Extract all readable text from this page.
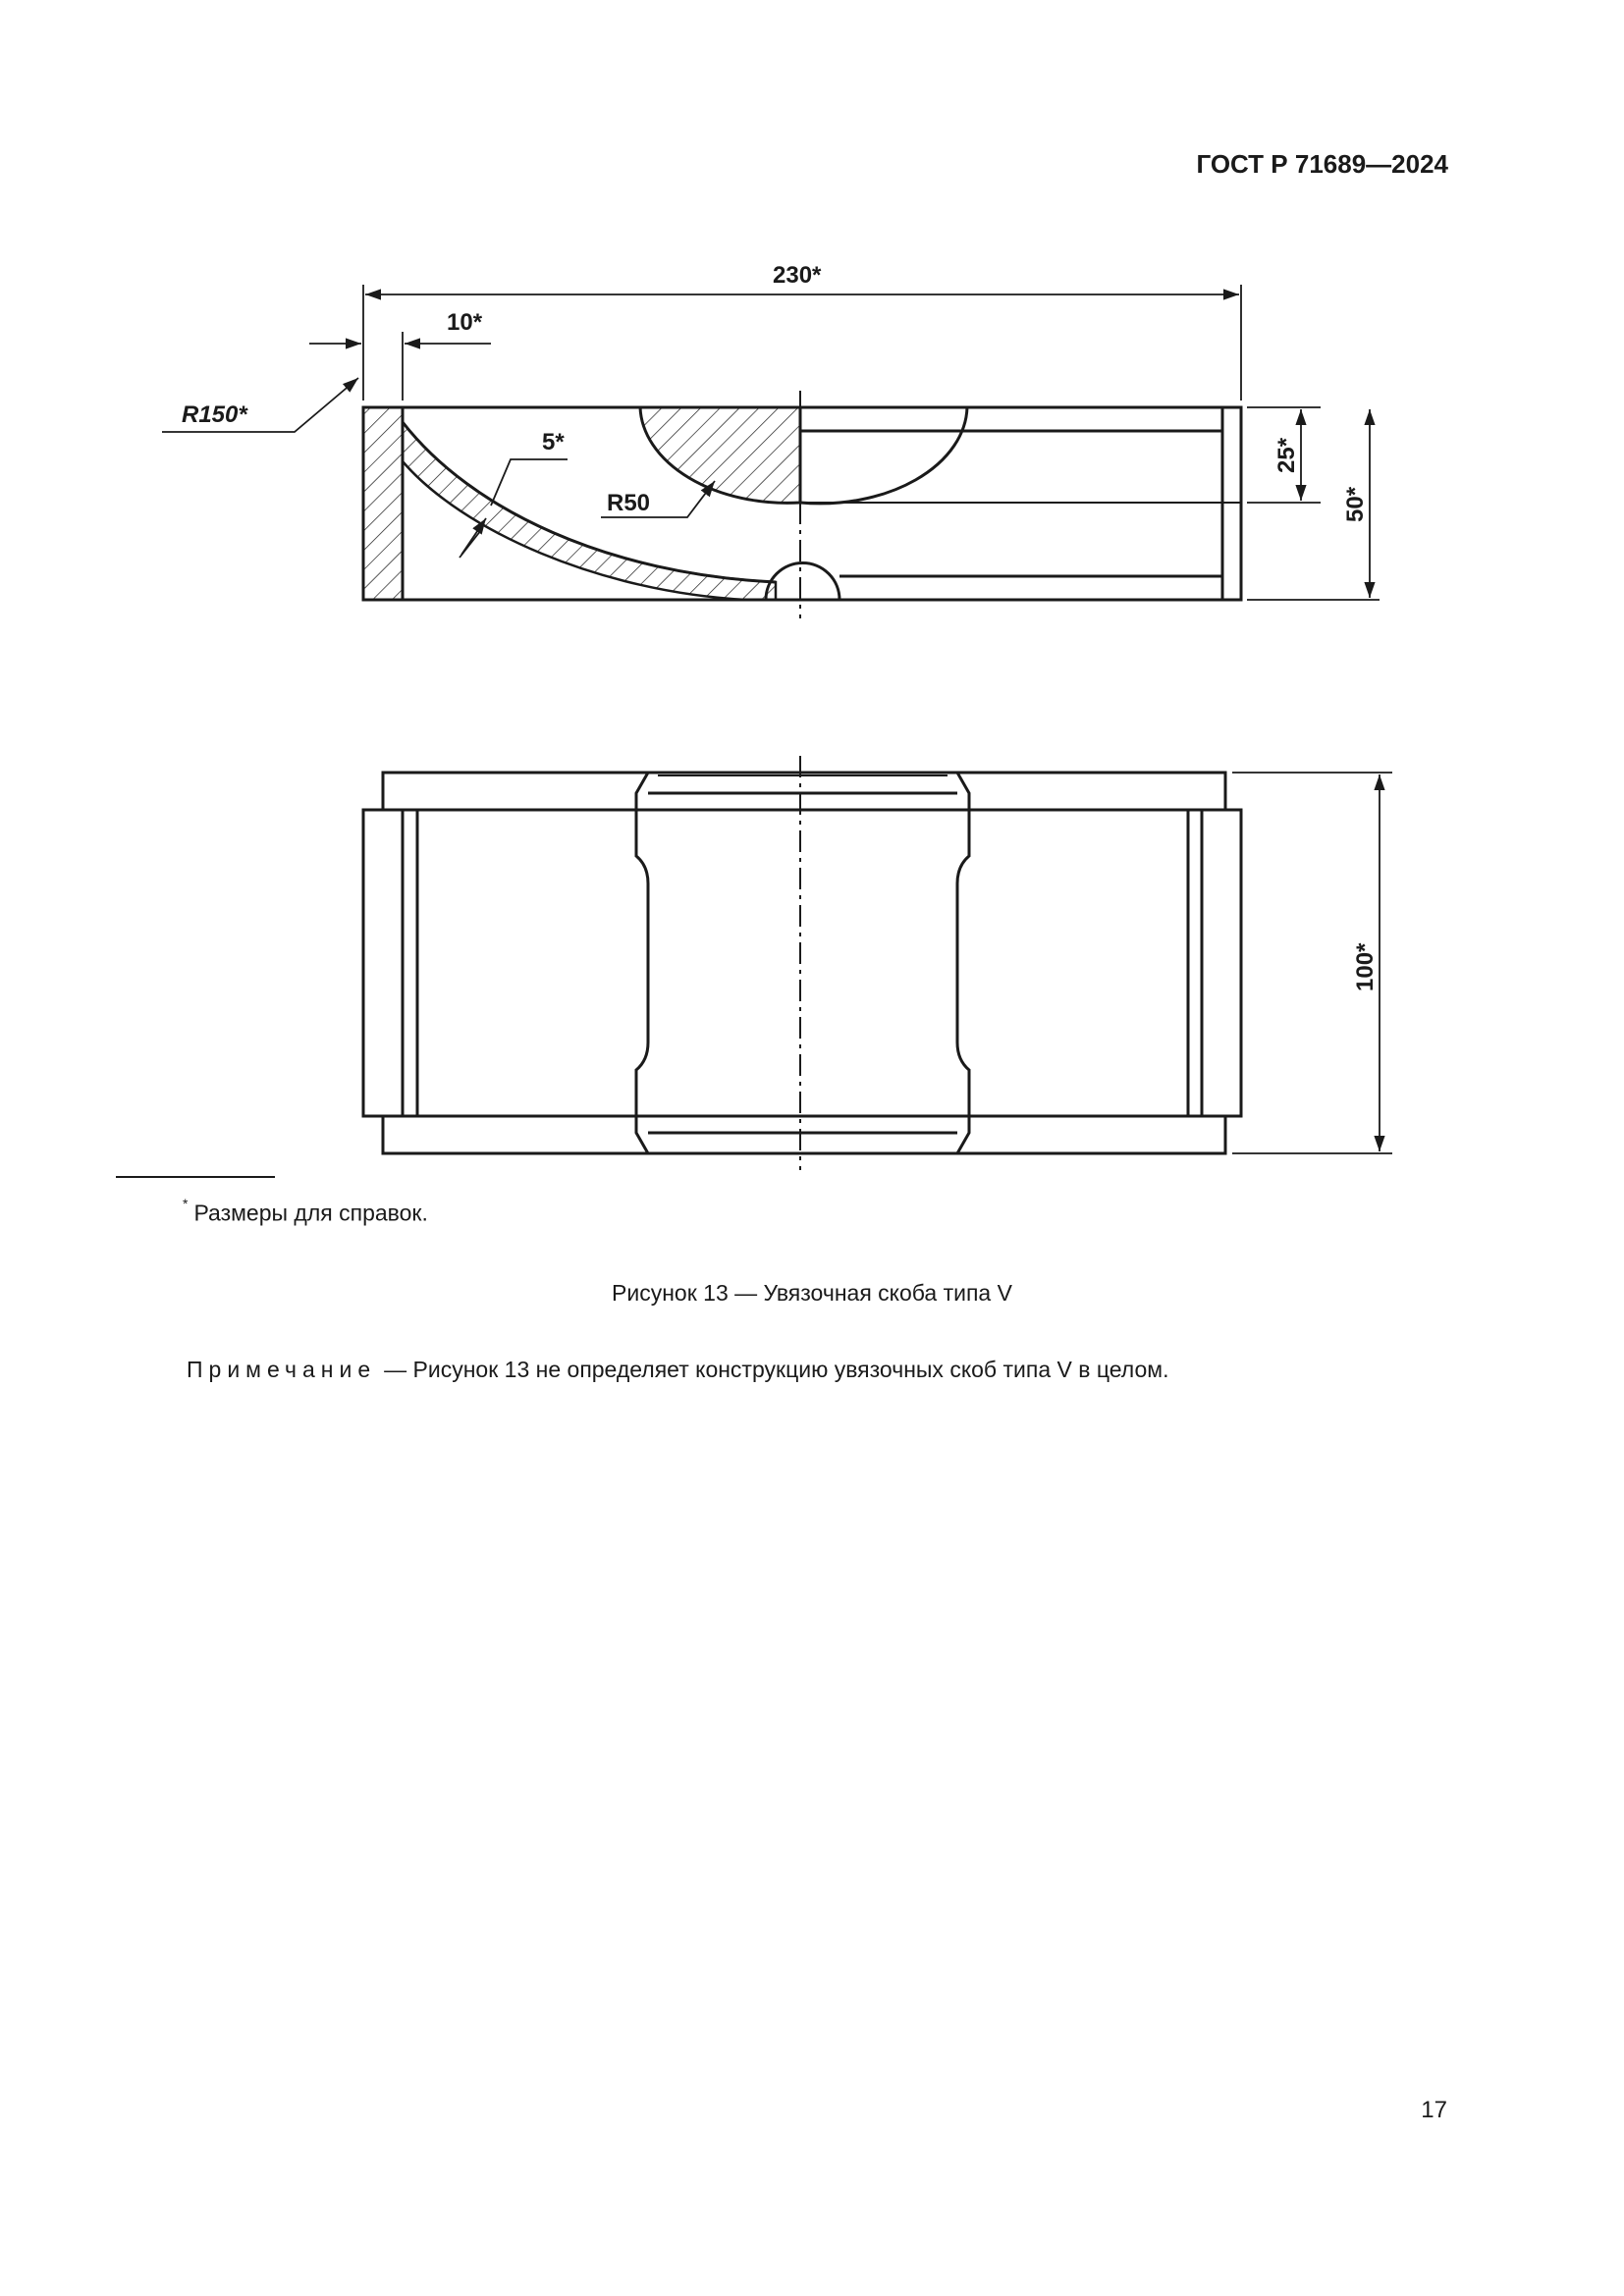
ГОСТ Р 71689—2024
230*
10*
R150*
5*
R50
25*
50*
100*
* Размеры для справок.
Рисунок 13 — Увязочная скоба типа V
Примечание — Рисунок 13 не определяет конструкцию увязочных скоб типа V в целом.
17
